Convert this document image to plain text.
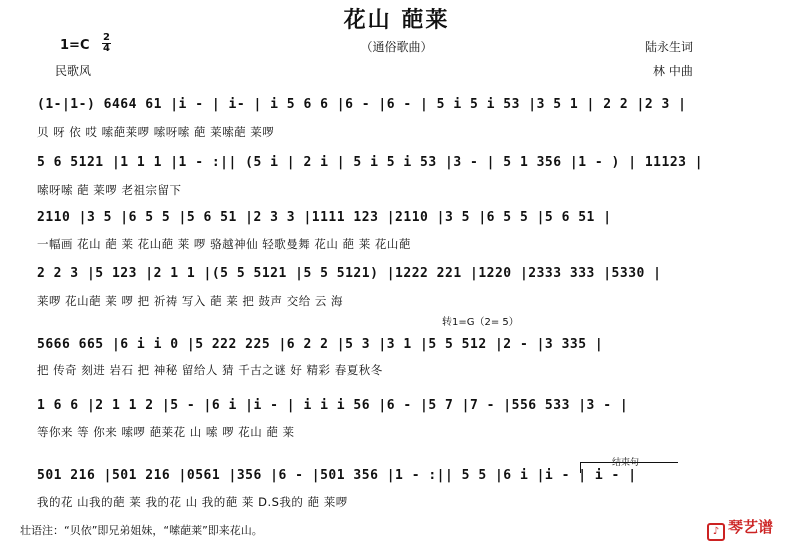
花山 葩莱
（通俗歌曲）
1=C
2
4
民歌风
陆永生词
林 中曲
(1-|1-) 6464 61 |i - | i- | i 5 6 6 |6 - |6 - | 5 i 5 i 53 |3 5 1 | 2 2 |2 3 |
贝 呀 依 哎 嗦葩莱啰 嗦呀嗦 葩 莱嗦葩 莱啰
5 6 5121 |1 1 1 |1 - :|| (5 i | 2 i | 5 i 5 i 53 |3 - | 5 1 356 |1 - ) | 11123 |
嗦呀嗦 葩 莱啰 老祖宗留下
2110 |3 5 |6 5 5 |5 6 51 |2 3 3 |1111 123 |2110 |3 5 |6 5 5 |5 6 51 |
一幅画 花山 葩 莱 花山葩 莱 啰 骆越神仙 轻歌曼舞 花山 葩 莱 花山葩
2 2 3 |5 123 |2 1 1 |(5 5 5121 |5 5 5121) |1222 221 |1220 |2333 333 |5330 |
莱啰 花山葩 莱 啰 把 祈祷 写入 葩 莱 把 鼓声 交给 云 海
转1=G（2= 5）
5666 665 |6 i i 0 |5 222 225 |6 2 2 |5 3 |3 1 |5 5 512 |2 - |3 335 |
把 传奇 刻进 岩石 把 神秘 留给人 猜 千古之谜 好 精彩 春夏秋冬
1 6 6 |2 1 1 2 |5 - |6 i |i - | i i i 56 |6 - |5 7 |7 - |556 533 |3 - |
等你来 等 你来 嗦啰 葩莱花 山 嗦 啰 花山 葩 莱
结束句
501 216 |501 216 |0561 |356 |6 - |501 356 |1 - :|| 5 5 |6 i |i - | i - |
我的花 山我的葩 莱 我的花 山 我的葩 莱 D.S我的 葩 莱啰
壮语注：“贝依”即兄弟姐妹，“嗦葩莱”即来花山。	♪ 琴艺谱
